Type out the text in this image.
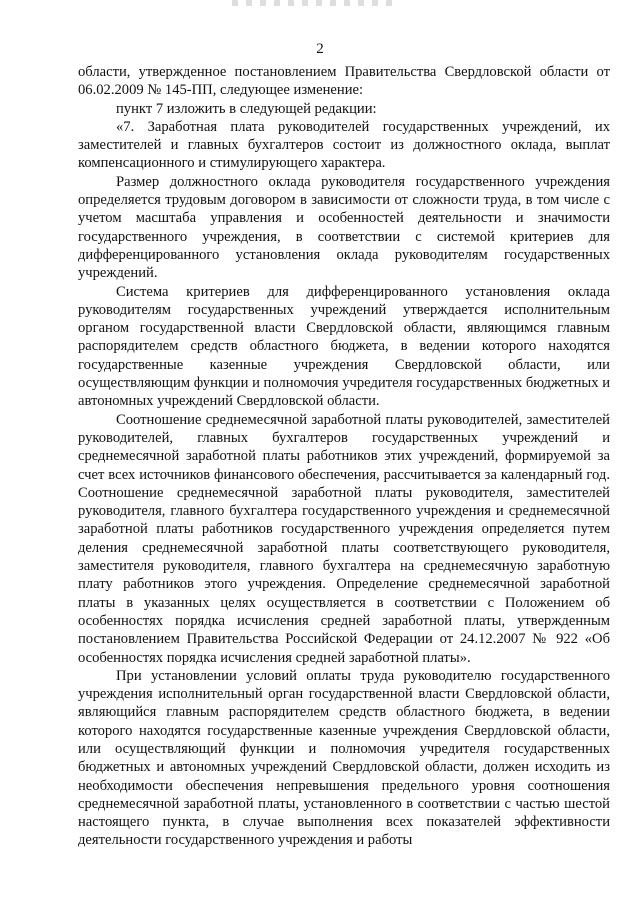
2

области, утвержденное постановлением Правительства Свердловской области от 06.02.2009 № 145-ПП, следующее изменение:

пункт 7 изложить в следующей редакции:

«7. Заработная плата руководителей государственных учреждений, их заместителей и главных бухгалтеров состоит из должностного оклада, выплат компенсационного и стимулирующего характера.

Размер должностного оклада руководителя государственного учреждения определяется трудовым договором в зависимости от сложности труда, в том числе с учетом масштаба управления и особенностей деятельности и значимости государственного учреждения, в соответствии с системой критериев для дифференцированного установления оклада руководителям государственных учреждений.

Система критериев для дифференцированного установления оклада руководителям государственных учреждений утверждается исполнительным органом государственной власти Свердловской области, являющимся главным распорядителем средств областного бюджета, в ведении которого находятся государственные казенные учреждения Свердловской области, или осуществляющим функции и полномочия учредителя государственных бюджетных и автономных учреждений Свердловской области.

Соотношение среднемесячной заработной платы руководителей, заместителей руководителей, главных бухгалтеров государственных учреждений и среднемесячной заработной платы работников этих учреждений, формируемой за счет всех источников финансового обеспечения, рассчитывается за календарный год. Соотношение среднемесячной заработной платы руководителя, заместителей руководителя, главного бухгалтера государственного учреждения и среднемесячной заработной платы работников государственного учреждения определяется путем деления среднемесячной заработной платы соответствующего руководителя, заместителя руководителя, главного бухгалтера на среднемесячную заработную плату работников этого учреждения. Определение среднемесячной заработной платы в указанных целях осуществляется в соответствии с Положением об особенностях порядка исчисления средней заработной платы, утвержденным постановлением Правительства Российской Федерации от 24.12.2007 № 922 «Об особенностях порядка исчисления средней заработной платы».

При установлении условий оплаты труда руководителю государственного учреждения исполнительный орган государственной власти Свердловской области, являющийся главным распорядителем средств областного бюджета, в ведении которого находятся государственные казенные учреждения Свердловской области, или осуществляющий функции и полномочия учредителя государственных бюджетных и автономных учреждений Свердловской области, должен исходить из необходимости обеспечения непревышения предельного уровня соотношения среднемесячной заработной платы, установленного в соответствии с частью шестой настоящего пункта, в случае выполнения всех показателей эффективности деятельности государственного учреждения и работы
